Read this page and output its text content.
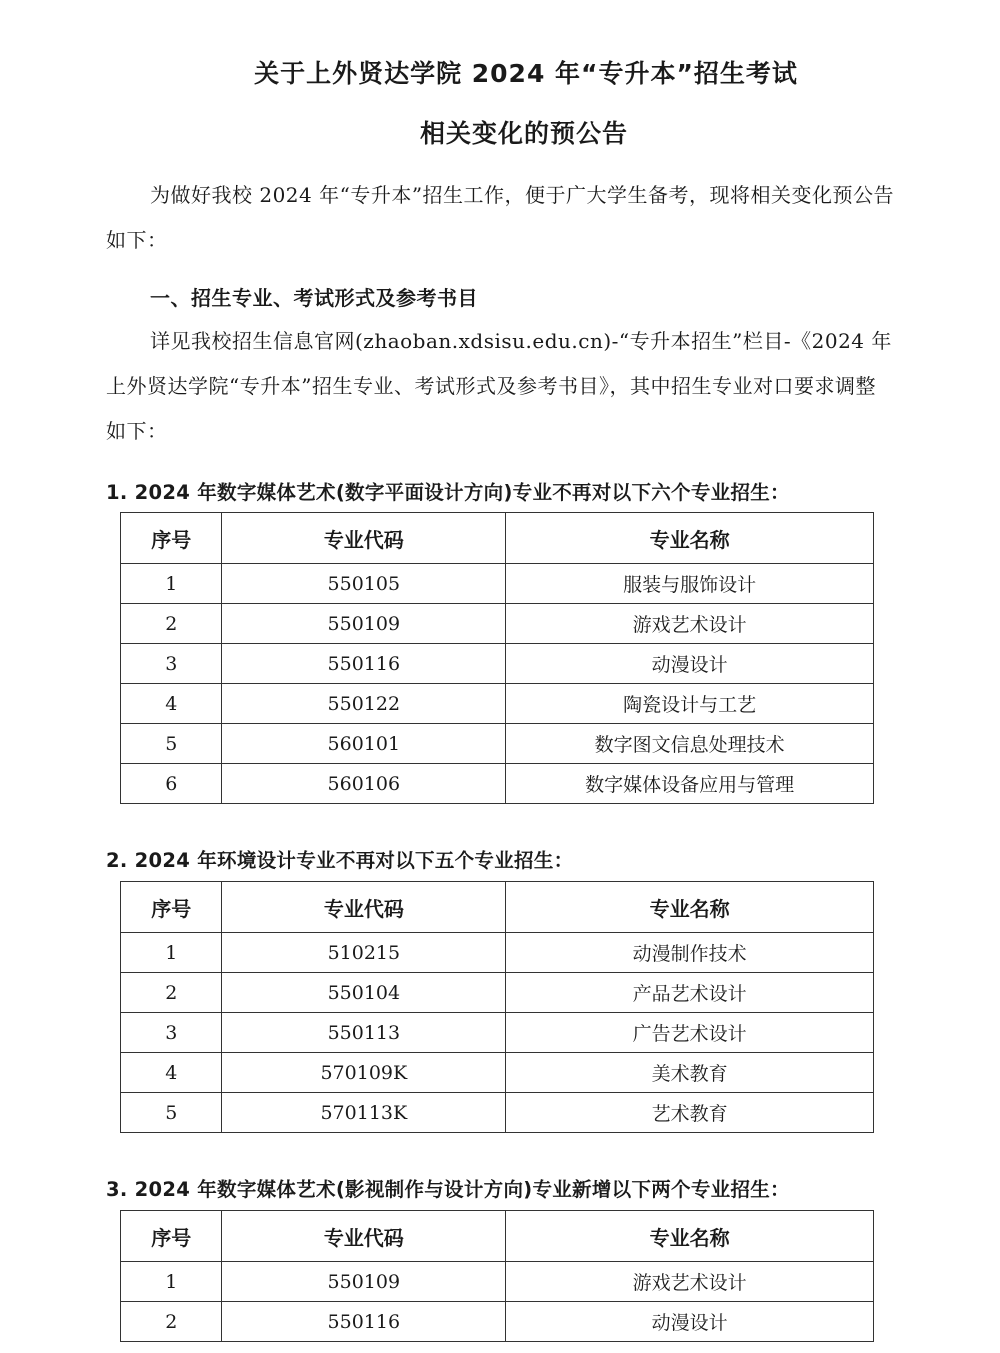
关于上外贤达学院 2024 年“专升本”招生考试
相关变化的预公告
为做好我校 2024 年“专升本”招生工作，便于广大学生备考，现将相关变化预公告如下：
一、招生专业、考试形式及参考书目
详见我校招生信息官网(zhaoban.xdsisu.edu.cn)-“专升本招生”栏目-《2024 年上外贤达学院“专升本”招生专业、考试形式及参考书目》，其中招生专业对口要求调整如下：
1. 2024 年数字媒体艺术(数字平面设计方向)专业不再对以下六个专业招生：
序号	专业代码	专业名称
1	550105	服装与服饰设计
2	550109	游戏艺术设计
3	550116	动漫设计
4	550122	陶瓷设计与工艺
5	560101	数字图文信息处理技术
6	560106	数字媒体设备应用与管理
2. 2024 年环境设计专业不再对以下五个专业招生：
序号	专业代码	专业名称
1	510215	动漫制作技术
2	550104	产品艺术设计
3	550113	广告艺术设计
4	570109K	美术教育
5	570113K	艺术教育
3. 2024 年数字媒体艺术(影视制作与设计方向)专业新增以下两个专业招生：
序号	专业代码	专业名称
1	550109	游戏艺术设计
2	550116	动漫设计
